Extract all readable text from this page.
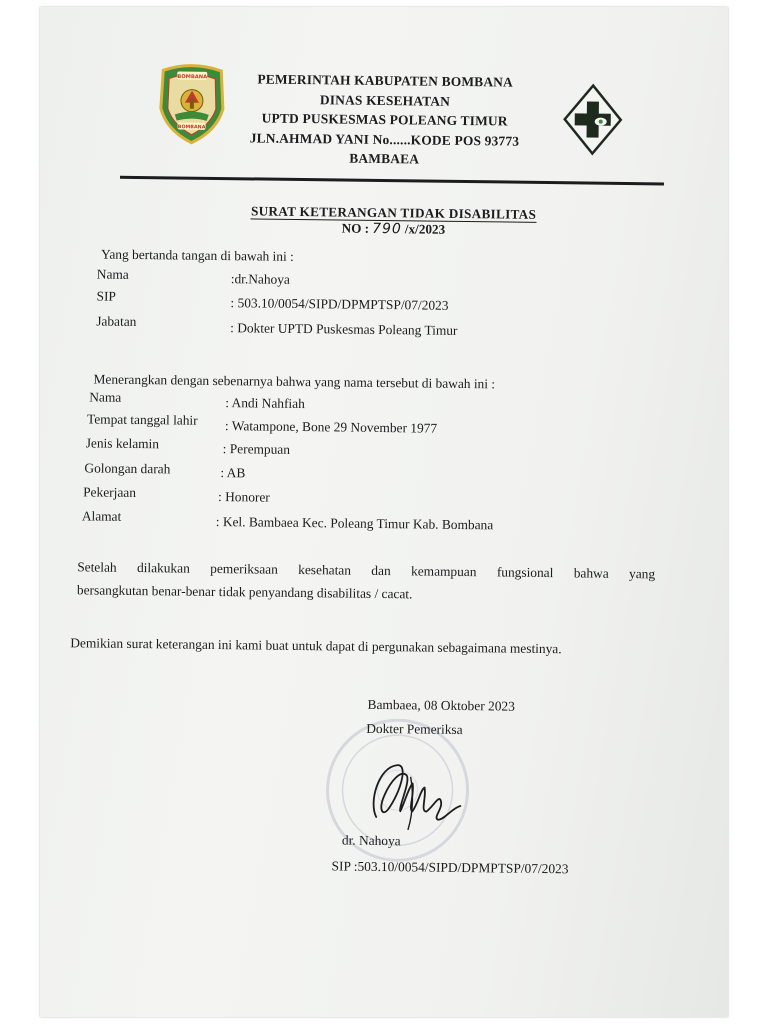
BOMBANA
BOMBANA
PEMERINTAH KABUPATEN BOMBANA
DINAS KESEHATAN
UPTD PUSKESMAS POLEANG TIMUR
JLN.AHMAD YANI No......KODE POS 93773
BAMBAEA
SURAT KETERANGAN TIDAK DISABILITAS
NO : 790 /x/2023
Yang bertanda tangan di bawah ini :
Nama	:dr.Nahoya
SIP	: 503.10/0054/SIPD/DPMPTSP/07/2023
Jabatan	: Dokter UPTD Puskesmas Poleang Timur
Menerangkan dengan sebenarnya bahwa yang nama tersebut di bawah ini :
Nama	: Andi Nahfiah
Tempat tanggal lahir : Watampone, Bone 29 November 1977
Jenis kelamin	: Perempuan
Golongan darah	: AB
Pekerjaan	: Honorer
Alamat	: Kel. Bambaea Kec. Poleang Timur Kab. Bombana
Setelah dilakukan pemeriksaan kesehatan dan kemampuan fungsional bahwa yang
bersangkutan benar-benar tidak penyandang disabilitas / cacat.
Demikian surat keterangan ini kami buat untuk dapat di pergunakan sebagaimana mestinya.
Bambaea, 08 Oktober 2023
Dokter Pemeriksa
dr. Nahoya
SIP :503.10/0054/SIPD/DPMPTSP/07/2023
